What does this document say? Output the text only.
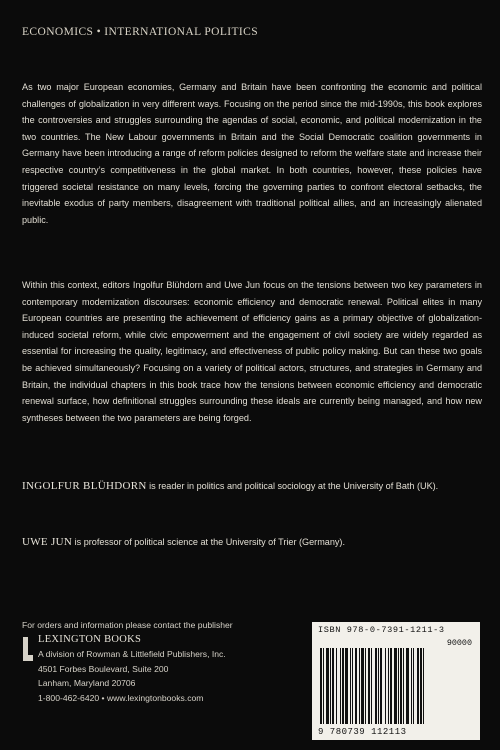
ECONOMICS • INTERNATIONAL POLITICS

As two major European economies, Germany and Britain have been confronting the economic and political challenges of globalization in very different ways. Focusing on the period since the mid-1990s, this book explores the controversies and struggles surrounding the agendas of social, economic, and political modernization in the two countries. The New Labour governments in Britain and the Social Democratic coalition governments in Germany have been introducing a range of reform policies designed to reform the welfare state and increase their respective country’s competitiveness in the global market. In both countries, however, these policies have triggered societal resistance on many levels, forcing the governing parties to confront electoral setbacks, the inevitable exodus of party members, disagreement with traditional political allies, and an increasingly alienated public.

Within this context, editors Ingolfur Blühdorn and Uwe Jun focus on the tensions between two key parameters in contemporary modernization discourses: economic efficiency and democratic renewal. Political elites in many European countries are presenting the achievement of efficiency gains as a primary objective of globalization-induced societal reform, while civic empowerment and the engagement of civil society are widely regarded as essential for increasing the quality, legitimacy, and effectiveness of public policy making. But can these two goals be achieved simultaneously? Focusing on a variety of political actors, structures, and strategies in Germany and Britain, the individual chapters in this book trace how the tensions between economic efficiency and democratic renewal surface, how definitional struggles surrounding these ideals are currently being managed, and how new syntheses between the two parameters are being forged.

INGOLFUR BLÜHDORN is reader in politics and political sociology at the University of Bath (UK).
UWE JUN is professor of political science at the University of Trier (Germany).
For orders and information please contact the publisher
LEXINGTON BOOKS
A division of Rowman & Littlefield Publishers, Inc.
4501 Forbes Boulevard, Suite 200
Lanham, Maryland 20706
1-800-462-6420 • www.lexingtonbooks.com
ISBN 978-0-7391-1211-3
90000
9 780739 112113
